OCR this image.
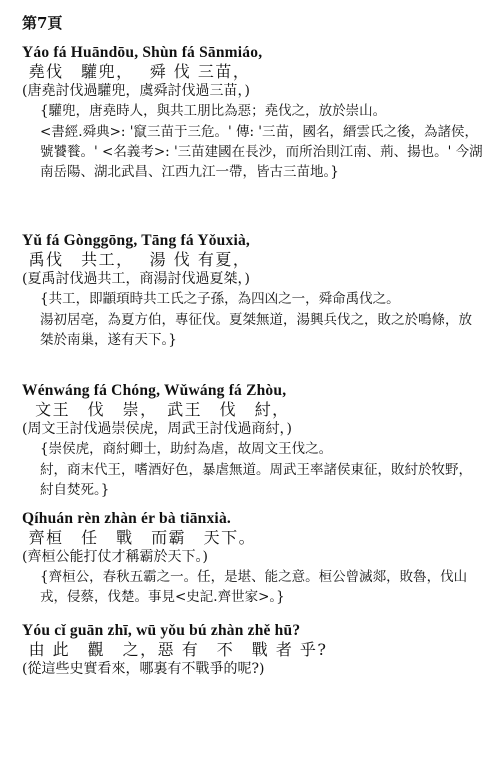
第7頁
Yáo fá Huāndōu, Shùn fá Sānmiáo,
堯伐　驩兜，　 舜 伐 三苗，
(唐堯討伐過驩兜，虞舜討伐過三苗，)

{驩兜，唐堯時人，與共工朋比為惡；堯伐之，放於崇山。

<書經.舜典>: '竄三苗于三危。' 傳: '三苗，國名，縉雲氏之後，為諸侯，號饕餮。' <名義考>: '三苗建國在長沙，而所治則江南、荊、揚也。' 今湖南岳陽、湖北武昌、江西九江一帶，皆古三苗地。}

Yǔ fá Gònggōng, Tāng fá Yǒuxià,
禹伐　共工，　 湯 伐 有夏，
(夏禹討伐過共工，商湯討伐過夏桀，)

{共工，即顓頊時共工氏之子孫，為四凶之一，舜命禹伐之。

湯初居亳，為夏方伯，專征伐。夏桀無道，湯興兵伐之，敗之於鳴條，放桀於南巢，遂有天下。}

Wénwáng fá Chóng, Wǔwáng fá Zhòu,
文王　伐　崇，　武王　伐　紂，
(周文王討伐過崇侯虎，周武王討伐過商紂，)

{崇侯虎，商紂卿士，助紂為虐，故周文王伐之。

紂，商末代王，嗜酒好色，暴虐無道。周武王率諸侯東征，敗紂於牧野，紂自焚死。}

Qíhuán rèn zhàn ér bà tiānxià.
齊桓　任　戰　而霸　天下。
(齊桓公能打仗才稱霸於天下。)

{齊桓公，春秋五霸之一。任，是堪、能之意。桓公曾滅郯，敗魯，伐山戎，侵蔡，伐楚。事見<史記.齊世家>。}

Yóu cǐ guān zhī, wū yǒu bú zhàn zhě hū?
由 此　觀　之，惡 有　不　戰 者 乎?
(從這些史實看來，哪裏有不戰爭的呢?)
